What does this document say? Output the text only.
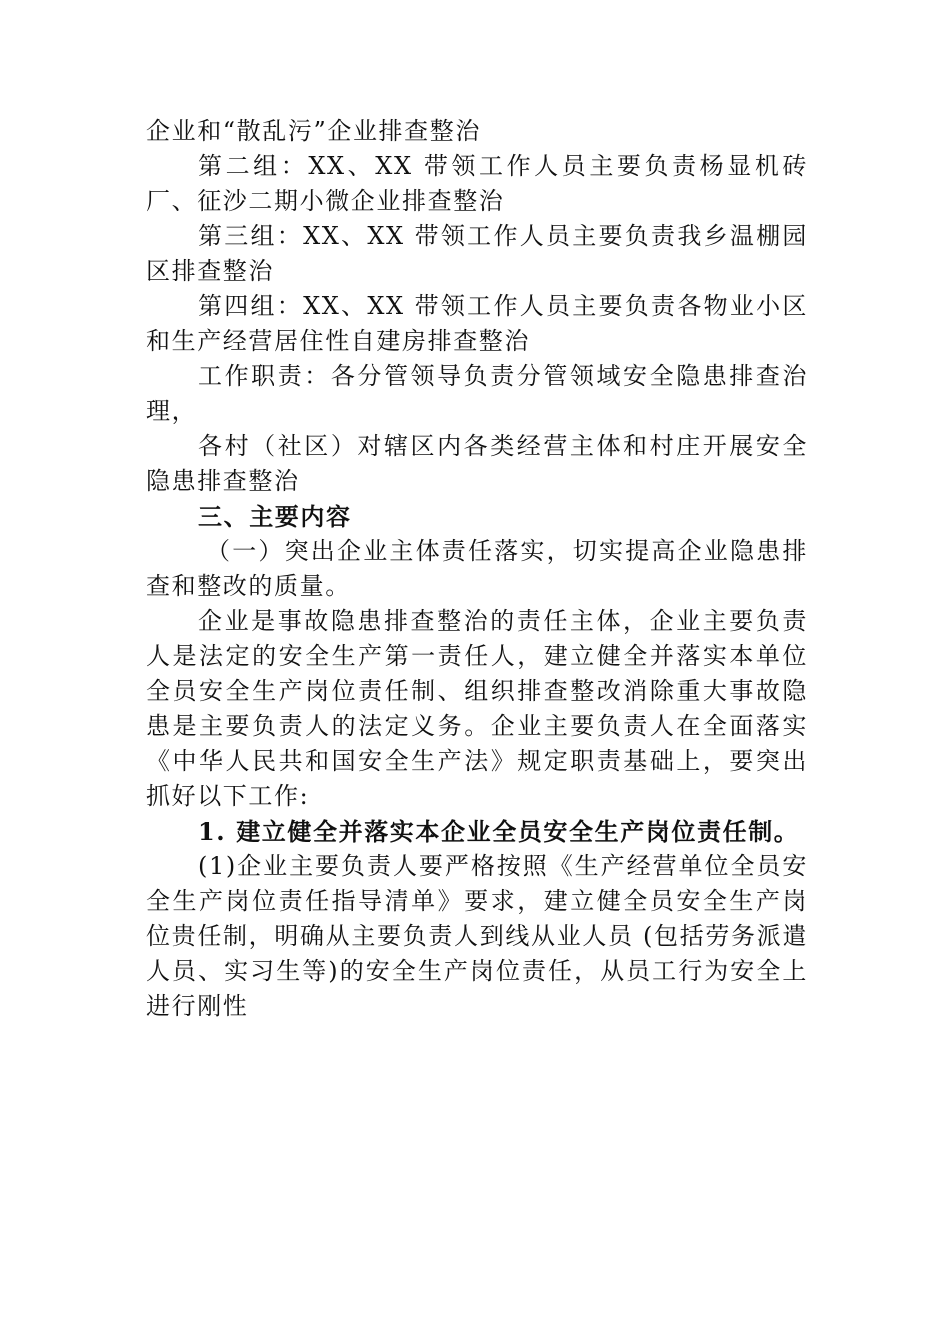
企业和“散乱污”企业排查整治

第二组：XX、XX 带领工作人员主要负责杨显机砖厂、征沙二期小微企业排查整治

第三组：XX、XX 带领工作人员主要负责我乡温棚园区排查整治

第四组：XX、XX 带领工作人员主要负责各物业小区和生产经营居住性自建房排查整治

工作职责：各分管领导负责分管领域安全隐患排查治理，

各村（社区）对辖区内各类经营主体和村庄开展安全隐患排查整治

三、主要内容

（一）突出企业主体责任落实，切实提高企业隐患排查和整改的质量。

企业是事故隐患排查整治的责任主体，企业主要负责人是法定的安全生产第一责任人，建立健全并落实本单位全员安全生产岗位责任制、组织排查整改消除重大事故隐患是主要负责人的法定义务。企业主要负责人在全面落实《中华人民共和国安全生产法》规定职责基础上，要突出抓好以下工作:

1. 建立健全并落实本企业全员安全生产岗位责任制。

(1)企业主要负责人要严格按照《生产经营单位全员安全生产岗位责任指导清单》要求，建立健全员安全生产岗位贵任制，明确从主要负责人到线从业人员 (包括劳务派遣人员、实习生等)的安全生产岗位责任，从员工行为安全上进行刚性
